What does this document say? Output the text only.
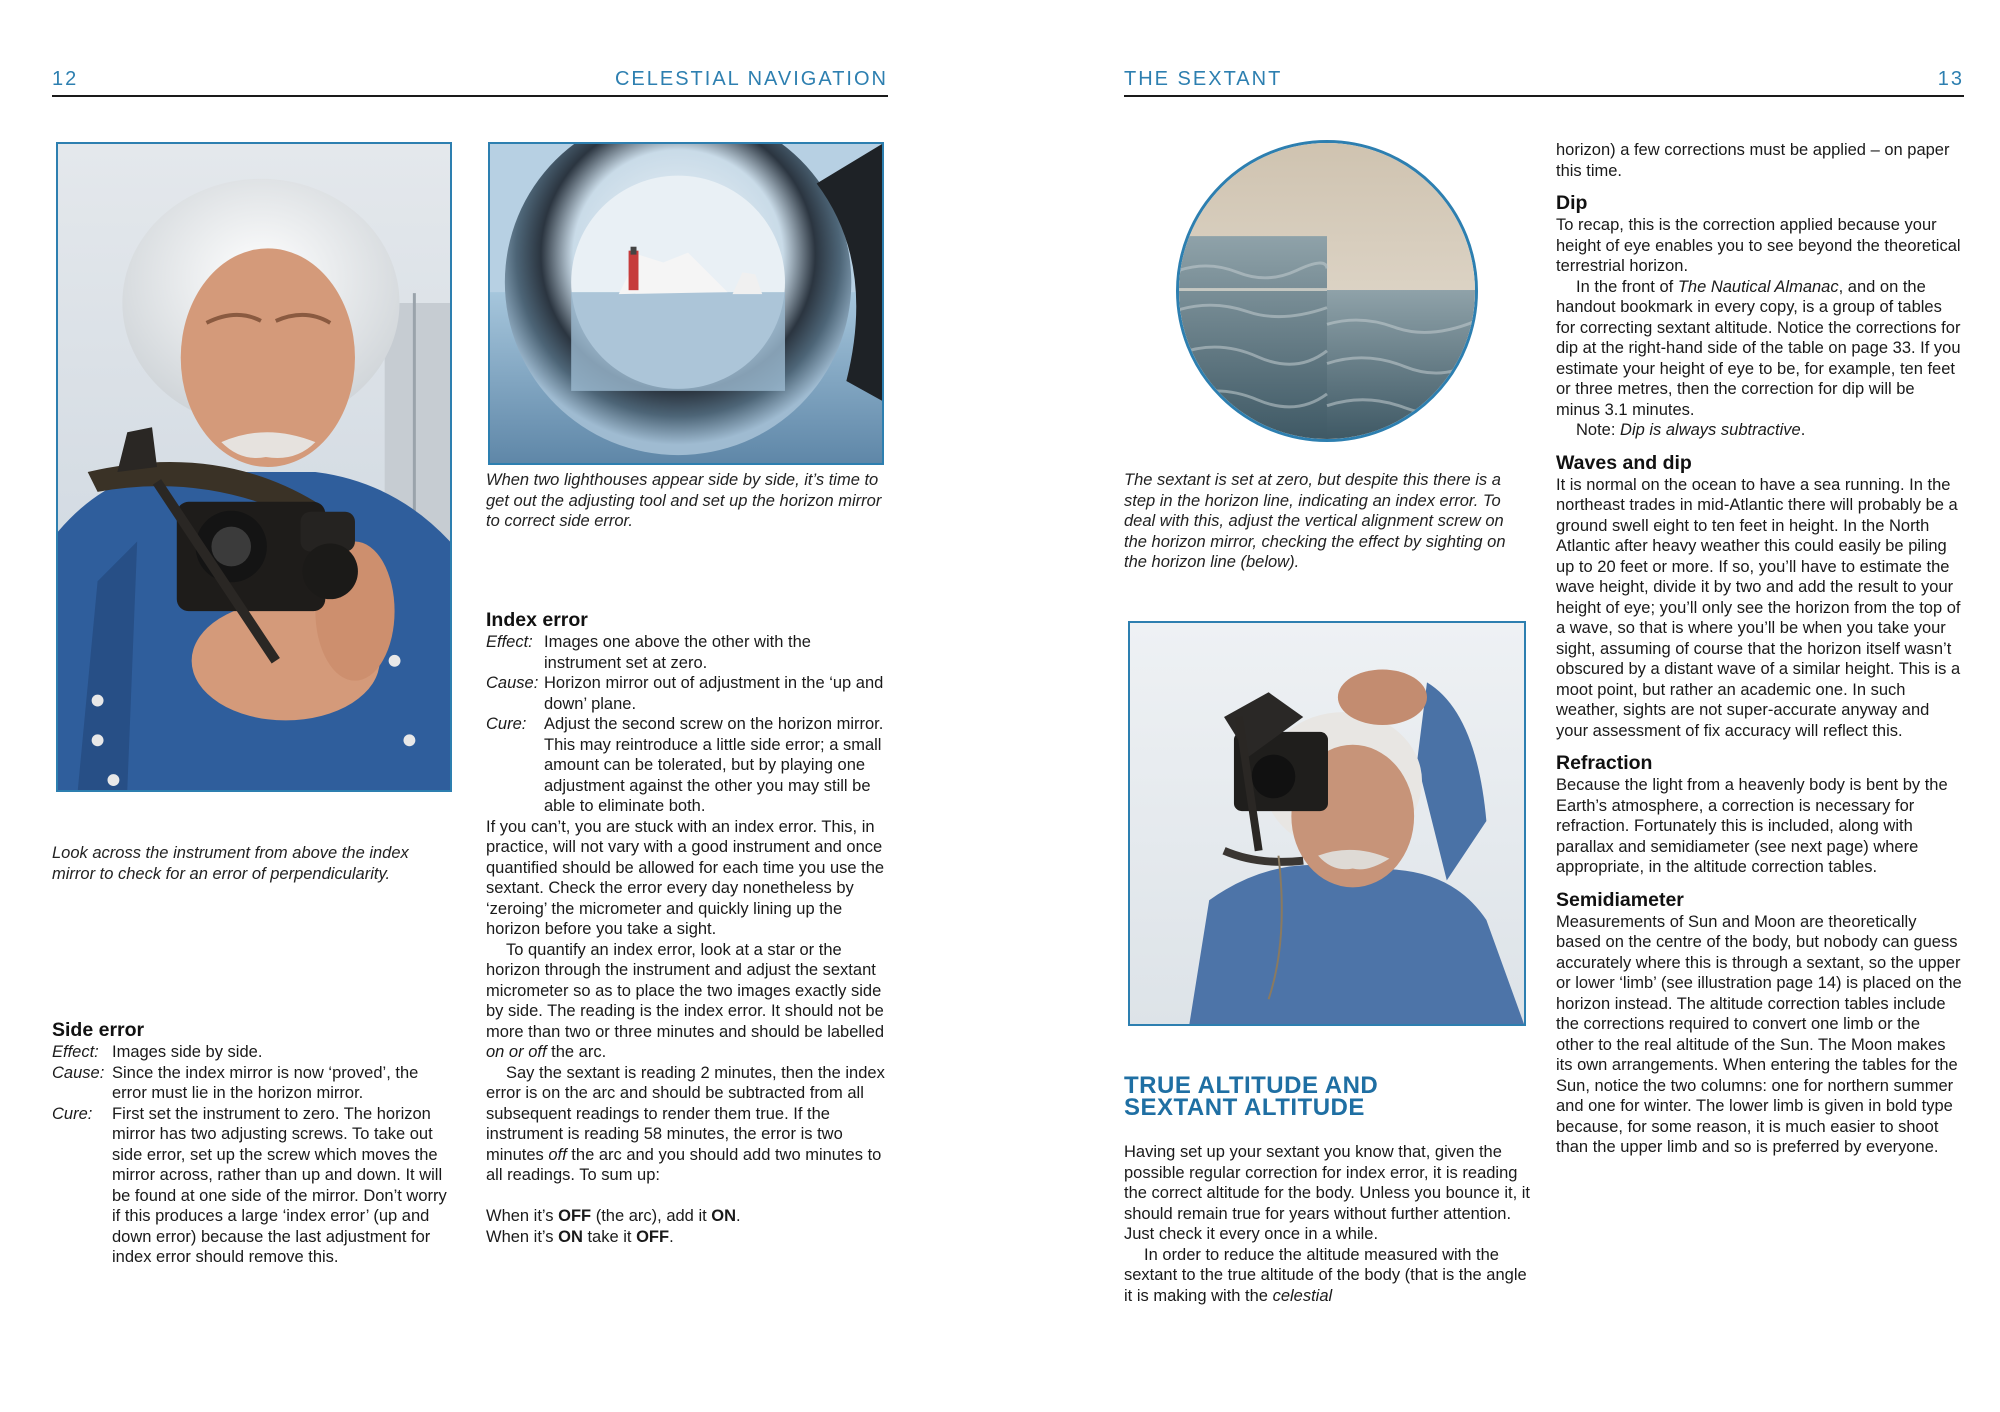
12	CELESTIAL NAVIGATION
Look across the instrument from above the index mirror to check for an error of perpendicularity.
When two lighthouses appear side by side, it’s time to get out the adjusting tool and set up the horizon mirror to correct side error.
Side error
Effect: Images side by side.
Cause: Since the index mirror is now ‘proved’, the error must lie in the horizon mirror.
Cure:	First set the instrument to zero. The horizon mirror has two adjusting screws. To take out side error, set up the screw which moves the mirror across, rather than up and down. It will be found at one side of the mirror. Don’t worry if this produces a large ‘index error’ (up and down error) because the last adjustment for index error should remove this.
Index error
Effect: Images one above the other with the instrument set at zero.
Cause: Horizon mirror out of adjustment in the ‘up and down’ plane.
Cure:	Adjust the second screw on the horizon mirror. This may reintroduce a little side error; a small amount can be tolerated, but by playing one adjustment against the other you may still be able to eliminate both.
If you can’t, you are stuck with an index error. This, in practice, will not vary with a good instrument and once quantified should be allowed for each time you use the sextant. Check the error every day nonetheless by ‘zeroing’ the micrometer and quickly lining up the horizon before you take a sight.
To quantify an index error, look at a star or the horizon through the instrument and adjust the sextant micrometer so as to place the two images exactly side by side. The reading is the index error. It should not be more than two or three minutes and should be labelled on or off the arc.
Say the sextant is reading 2 minutes, then the index error is on the arc and should be subtracted from all subsequent readings to render them true. If the instrument is reading 58 minutes, the error is two minutes off the arc and you should add two minutes to all readings. To sum up:
When it’s OFF (the arc), add it ON.
When it’s ON take it OFF.
THE SEXTANT	13
The sextant is set at zero, but despite this there is a step in the horizon line, indicating an index error. To deal with this, adjust the vertical alignment screw on the horizon mirror, checking the effect by sighting on the horizon line (below).
TRUE ALTITUDE AND
SEXTANT ALTITUDE
Having set up your sextant you know that, given the possible regular correction for index error, it is reading the correct altitude for the body. Unless you bounce it, it should remain true for years without further attention. Just check it every once in a while.
In order to reduce the altitude measured with the sextant to the true altitude of the body (that is the angle it is making with the celestial
horizon) a few corrections must be applied – on paper this time.
Dip
To recap, this is the correction applied because your height of eye enables you to see beyond the theoretical terrestrial horizon.
In the front of The Nautical Almanac, and on the handout bookmark in every copy, is a group of tables for correcting sextant altitude. Notice the corrections for dip at the right-hand side of the table on page 33. If you estimate your height of eye to be, for example, ten feet or three metres, then the correction for dip will be minus 3.1 minutes.
Note: Dip is always subtractive.
Waves and dip
It is normal on the ocean to have a sea running. In the northeast trades in mid-Atlantic there will probably be a ground swell eight to ten feet in height. In the North Atlantic after heavy weather this could easily be piling up to 20 feet or more. If so, you’ll have to estimate the wave height, divide it by two and add the result to your height of eye; you’ll only see the horizon from the top of a wave, so that is where you’ll be when you take your sight, assuming of course that the horizon itself wasn’t obscured by a distant wave of a similar height. This is a moot point, but rather an academic one. In such weather, sights are not super-accurate anyway and your assessment of fix accuracy will reflect this.
Refraction
Because the light from a heavenly body is bent by the Earth’s atmosphere, a correction is necessary for refraction. Fortunately this is included, along with parallax and semidiameter (see next page) where appropriate, in the altitude correction tables.
Semidiameter
Measurements of Sun and Moon are theoretically based on the centre of the body, but nobody can guess accurately where this is through a sextant, so the upper or lower ‘limb’ (see illustration page 14) is placed on the horizon instead. The altitude correction tables include the corrections required to convert one limb or the other to the real altitude of the Sun. The Moon makes its own arrangements. When entering the tables for the Sun, notice the two columns: one for northern summer and one for winter. The lower limb is given in bold type because, for some reason, it is much easier to shoot than the upper limb and so is preferred by everyone.
